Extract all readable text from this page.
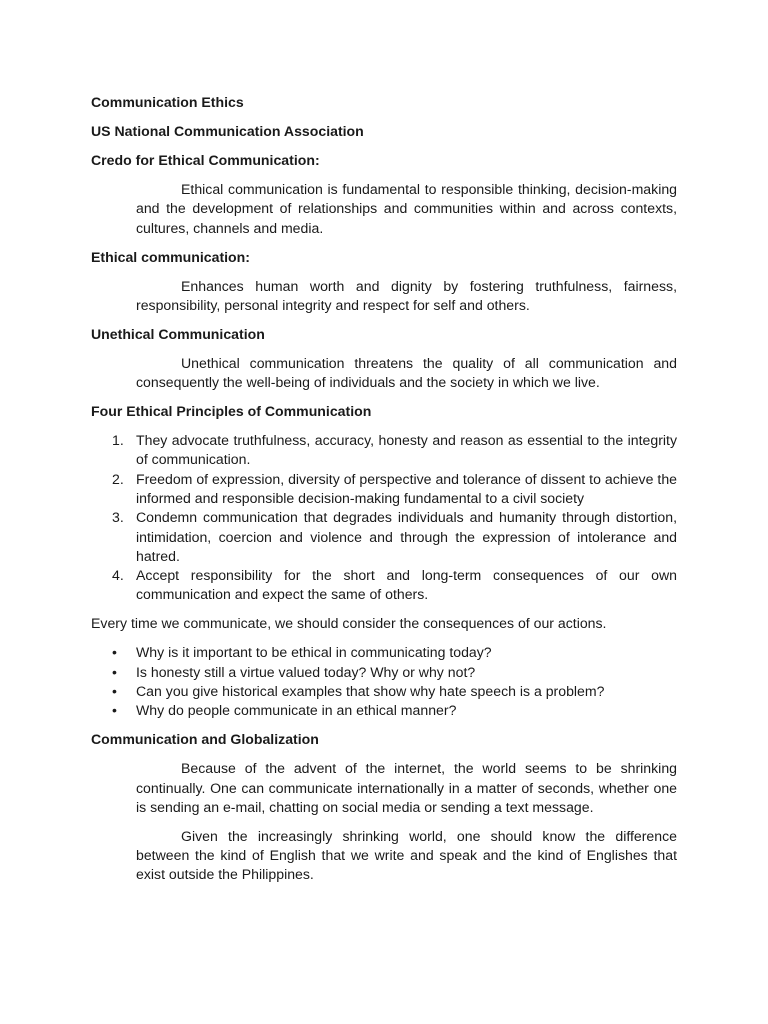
Communication Ethics

US National Communication Association

Credo for Ethical Communication:

Ethical communication is fundamental to responsible thinking, decision-making and the development of relationships and communities within and across contexts, cultures, channels and media.

Ethical communication:

Enhances human worth and dignity by fostering truthfulness, fairness, responsibility, personal integrity and respect for self and others.

Unethical Communication

Unethical communication threatens the quality of all communication and consequently the well-being of individuals and the society in which we live.

Four Ethical Principles of Communication

1. They advocate truthfulness, accuracy, honesty and reason as essential to the integrity of communication.
2. Freedom of expression, diversity of perspective and tolerance of dissent to achieve the informed and responsible decision-making fundamental to a civil society
3. Condemn communication that degrades individuals and humanity through distortion, intimidation, coercion and violence and through the expression of intolerance and hatred.
4. Accept responsibility for the short and long-term consequences of our own communication and expect the same of others.

Every time we communicate, we should consider the consequences of our actions.

• Why is it important to be ethical in communicating today?
• Is honesty still a virtue valued today? Why or why not?
• Can you give historical examples that show why hate speech is a problem?
• Why do people communicate in an ethical manner?

Communication and Globalization

Because of the advent of the internet, the world seems to be shrinking continually. One can communicate internationally in a matter of seconds, whether one is sending an e-mail, chatting on social media or sending a text message.

Given the increasingly shrinking world, one should know the difference between the kind of English that we write and speak and the kind of Englishes that exist outside the Philippines.
